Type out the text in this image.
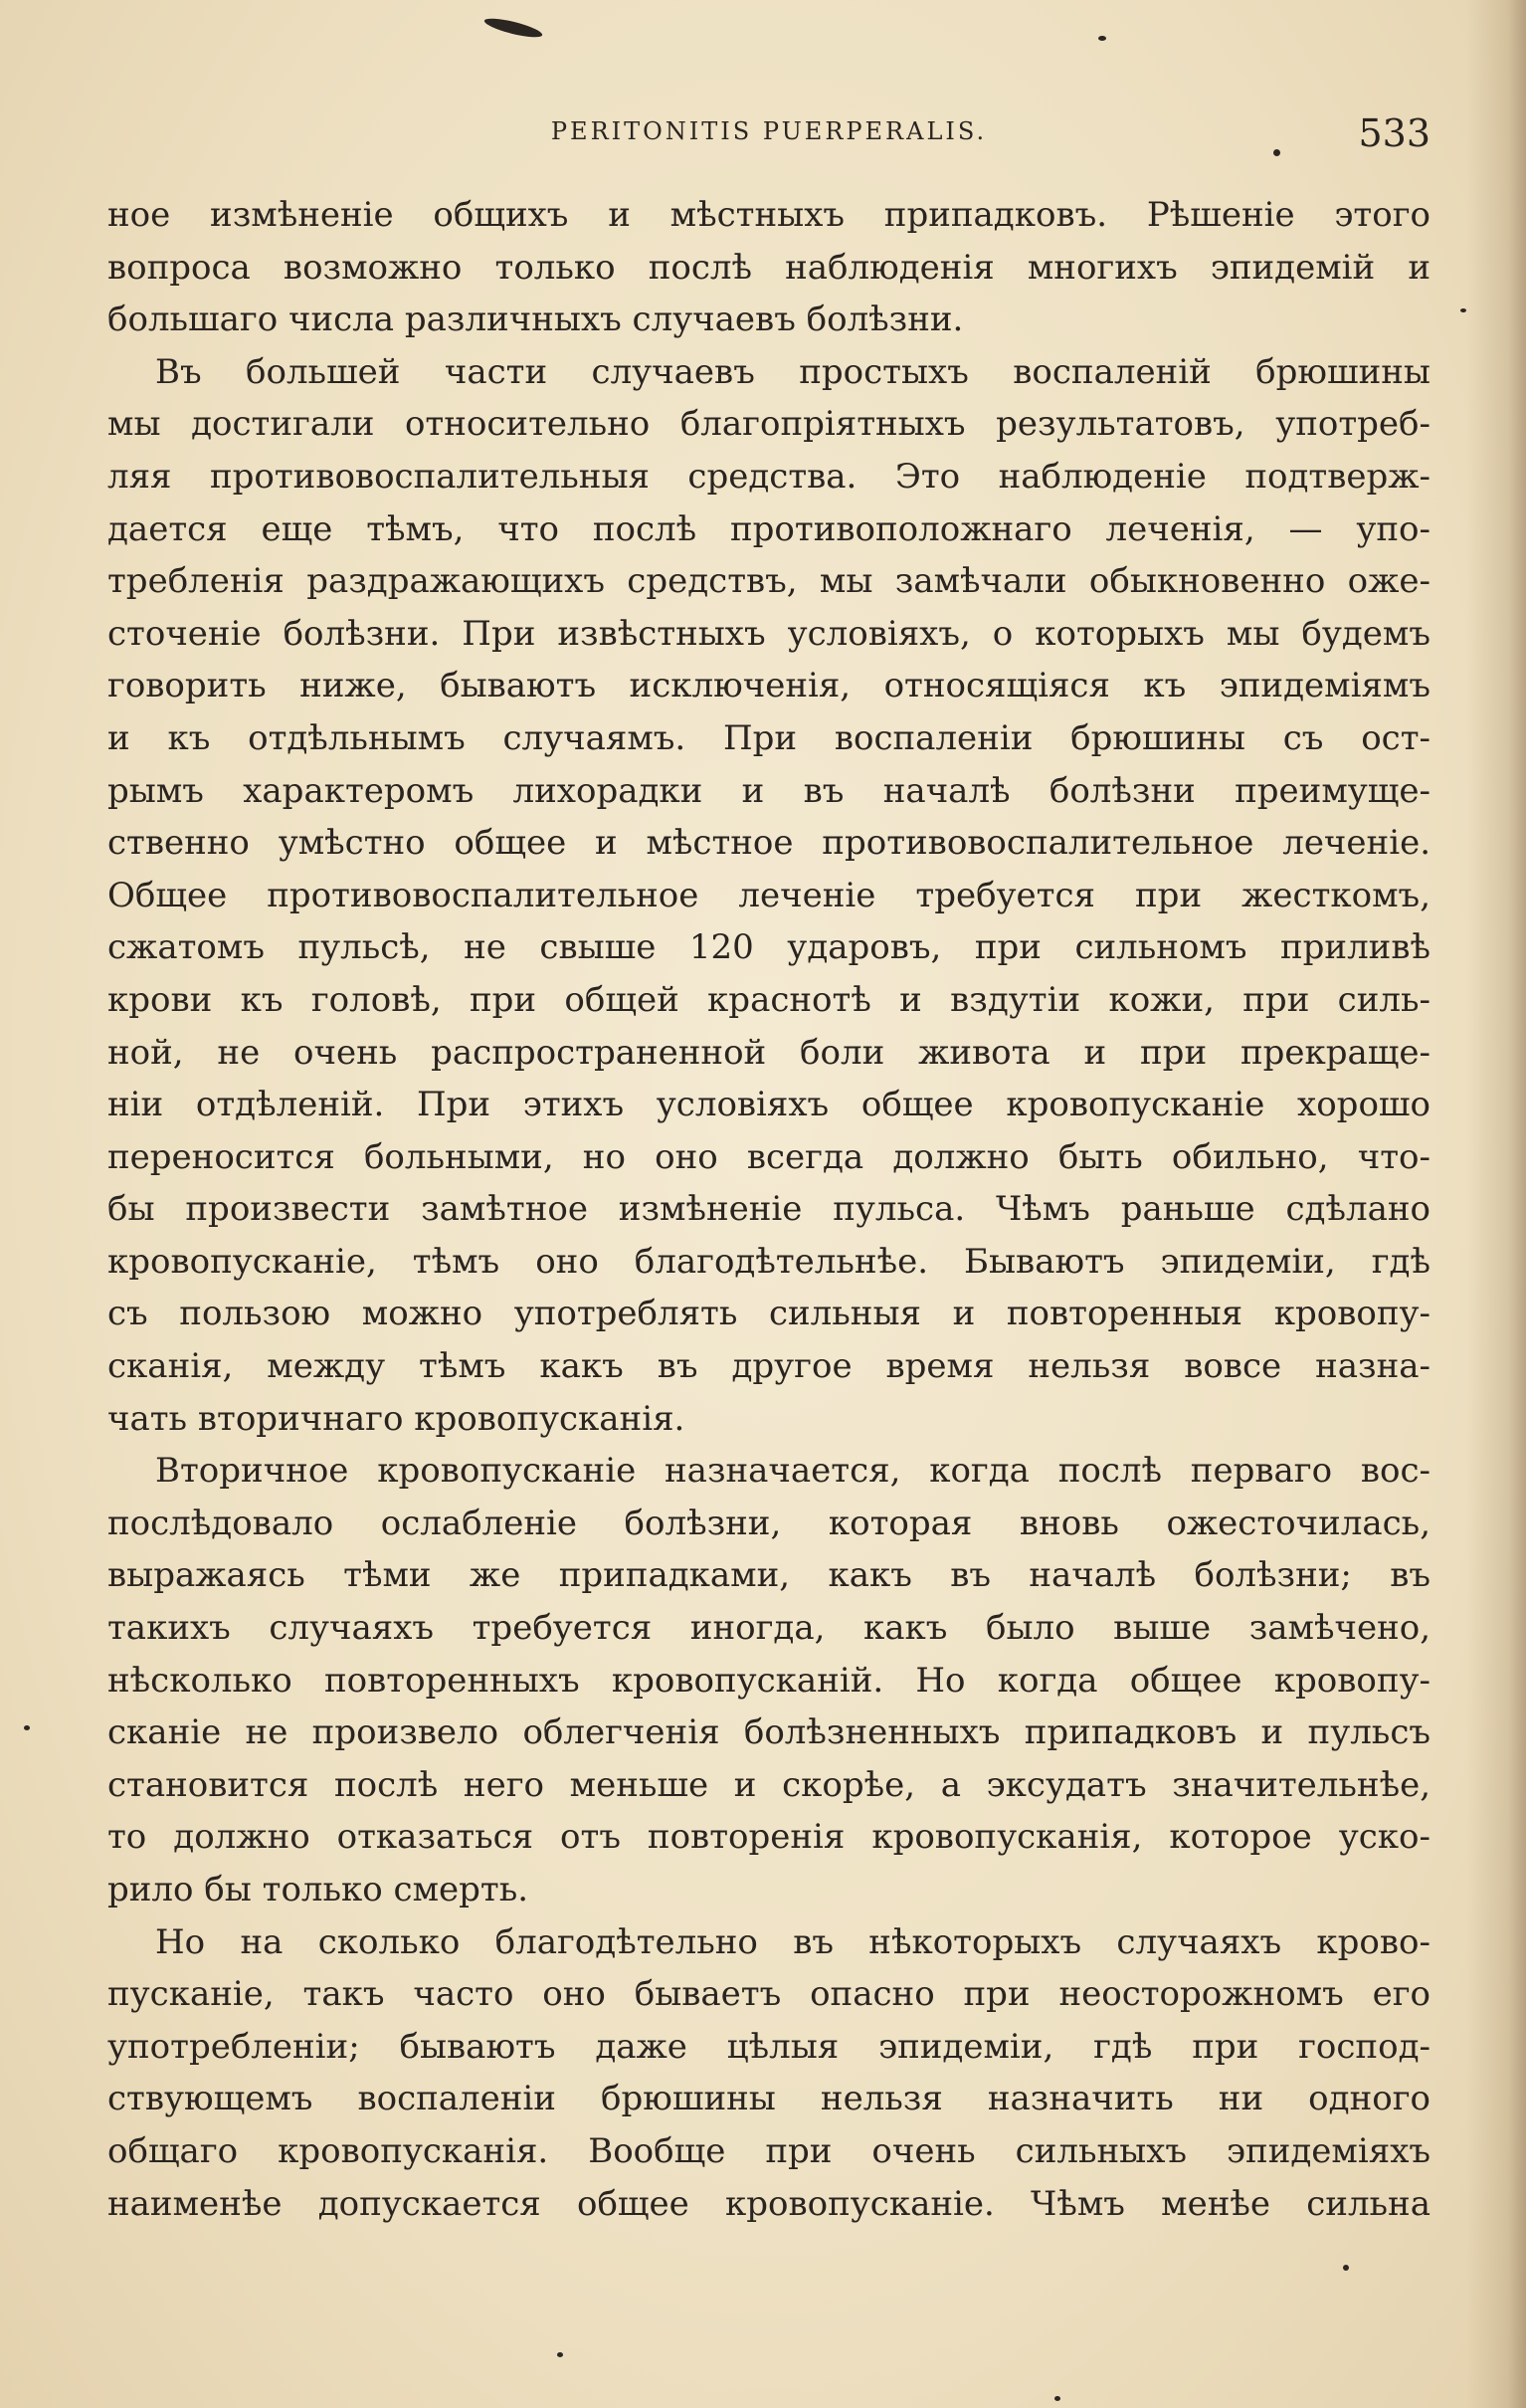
PERITONITIS PUERPERALIS.	533
ное измѣненіе общихъ и мѣстныхъ припадковъ. Рѣшеніе этого
вопроса возможно только послѣ наблюденія многихъ эпидемій и
большаго числа различныхъ случаевъ болѣзни.
Въ большей части случаевъ простыхъ воспаленій брюшины
мы достигали относительно благопріятныхъ результатовъ, употреб-
ляя противовоспалительныя средства. Это наблюденіе подтверж-
дается еще тѣмъ, что послѣ противоположнаго леченія, — упо-
требленія раздражающихъ средствъ, мы замѣчали обыкновенно ожe-
сточеніе болѣзни. При извѣстныхъ условіяхъ, о которыхъ мы будемъ
говорить ниже, бываютъ исключенія, относящіяся къ эпидеміямъ
и къ отдѣльнымъ случаямъ. При воспаленіи брюшины съ ост-
рымъ характеромъ лихорадки и въ началѣ болѣзни преимуще-
ственно умѣстно общее и мѣстное противовоспалительное леченіе.
Общее противовоспалительное леченіе требуется при жесткомъ,
сжатомъ пульсѣ, не свыше 120 ударовъ, при сильномъ приливѣ
крови къ головѣ, при общей краснотѣ и вздутіи кожи, при силь-
ной, не очень распространенной боли живота и при прекраще-
ніи отдѣленій. При этихъ условіяхъ общее кровопусканіе хорошо
переносится больными, но оно всегда должно быть обильно, что-
бы произвести замѣтное измѣненіе пульса. Чѣмъ раньше сдѣлано
кровопусканіе, тѣмъ оно благодѣтельнѣе. Бываютъ эпидеміи, гдѣ
съ пользою можно употреблять сильныя и повторенныя кровопу-
сканія, между тѣмъ какъ въ другое время нельзя вовсе назна-
чать вторичнаго кровопусканія.
Вторичное кровопусканіе назначается, когда послѣ перваго вос-
послѣдовало ослабленіе болѣзни, которая вновь ожесточилась,
выражаясь тѣми же припадками, какъ въ началѣ болѣзни; въ
такихъ случаяхъ требуется иногда, какъ было выше замѣчено,
нѣсколько повторенныхъ кровопусканій. Но когда общее кровопу-
сканіе не произвело облегченія болѣзненныхъ припадковъ и пульсъ
становится послѣ него меньше и скорѣе, а эксудатъ значительнѣе,
то должно отказаться отъ повторенія кровопусканія, которое уско-
рило бы только смерть.
Но на сколько благодѣтельно въ нѣкоторыхъ случаяхъ крово-
пусканіе, такъ часто оно бываетъ опасно при неосторожномъ его
употребленіи; бываютъ даже цѣлыя эпидеміи, гдѣ при господ-
ствующемъ воспаленіи брюшины нельзя назначить ни одного
общаго кровопусканія. Вообще при очень сильныхъ эпидеміяхъ
наименѣе допускается общее кровопусканіе. Чѣмъ менѣе сильна
